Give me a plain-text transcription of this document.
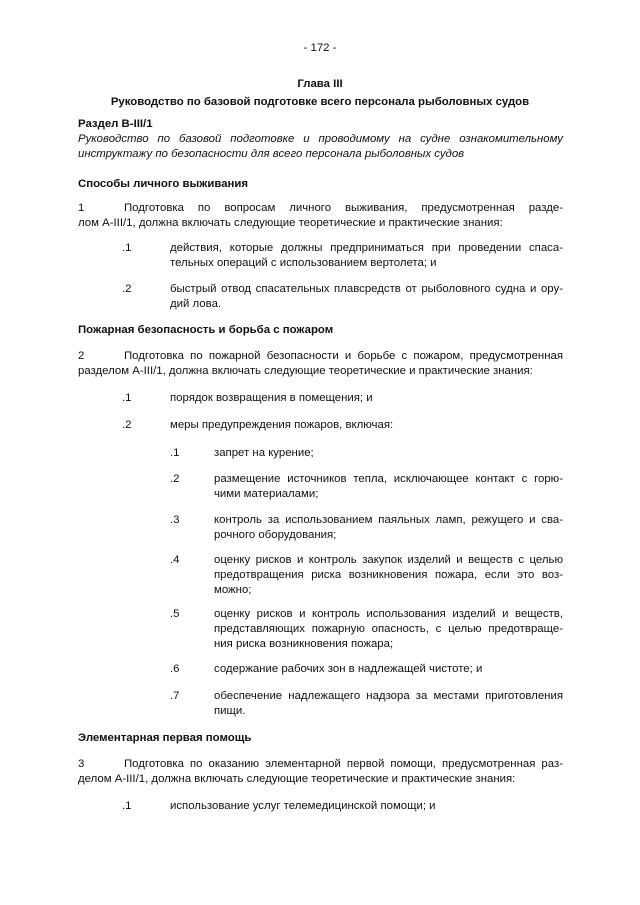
- 172 -
Глава III
Руководство по базовой подготовке всего персонала рыболовных судов
Раздел B-III/1
Руководство по базовой подготовке и проводимому на судне ознакомительному
инструктажу по безопасности для всего персонала рыболовных судов
Способы личного выживания
1	Подготовка по вопросам личного выживания, предусмотренная разде-
лом A-III/1, должна включать следующие теоретические и практические знания:
.1	действия, которые должны предприниматься при проведении спаса-
тельных операций с использованием вертолета; и
.2	быстрый отвод спасательных плавсредств от рыболовного судна и ору-
дий лова.
Пожарная безопасность и борьба с пожаром
2	Подготовка по пожарной безопасности и борьбе с пожаром, предусмотренная
разделом A-III/1, должна включать следующие теоретические и практические знания:
.1	порядок возвращения в помещения; и
.2	меры предупреждения пожаров, включая:
.1	запрет на курение;
.2	размещение источников тепла, исключающее контакт с горю-
чими материалами;
.3	контроль за использованием паяльных ламп, режущего и сва-
рочного оборудования;
.4	оценку рисков и контроль закупок изделий и веществ с целью
предотвращения риска возникновения пожара, если это воз-
можно;
.5	оценку рисков и контроль использования изделий и веществ,
представляющих пожарную опасность, с целью предотвраще-
ния риска возникновения пожара;
.6	содержание рабочих зон в надлежащей чистоте; и
.7	обеспечение надлежащего надзора за местами приготовления
пищи.
Элементарная первая помощь
3	Подготовка по оказанию элементарной первой помощи, предусмотренная раз-
делом A-III/1, должна включать следующие теоретические и практические знания:
.1	использование услуг телемедицинской помощи; и
